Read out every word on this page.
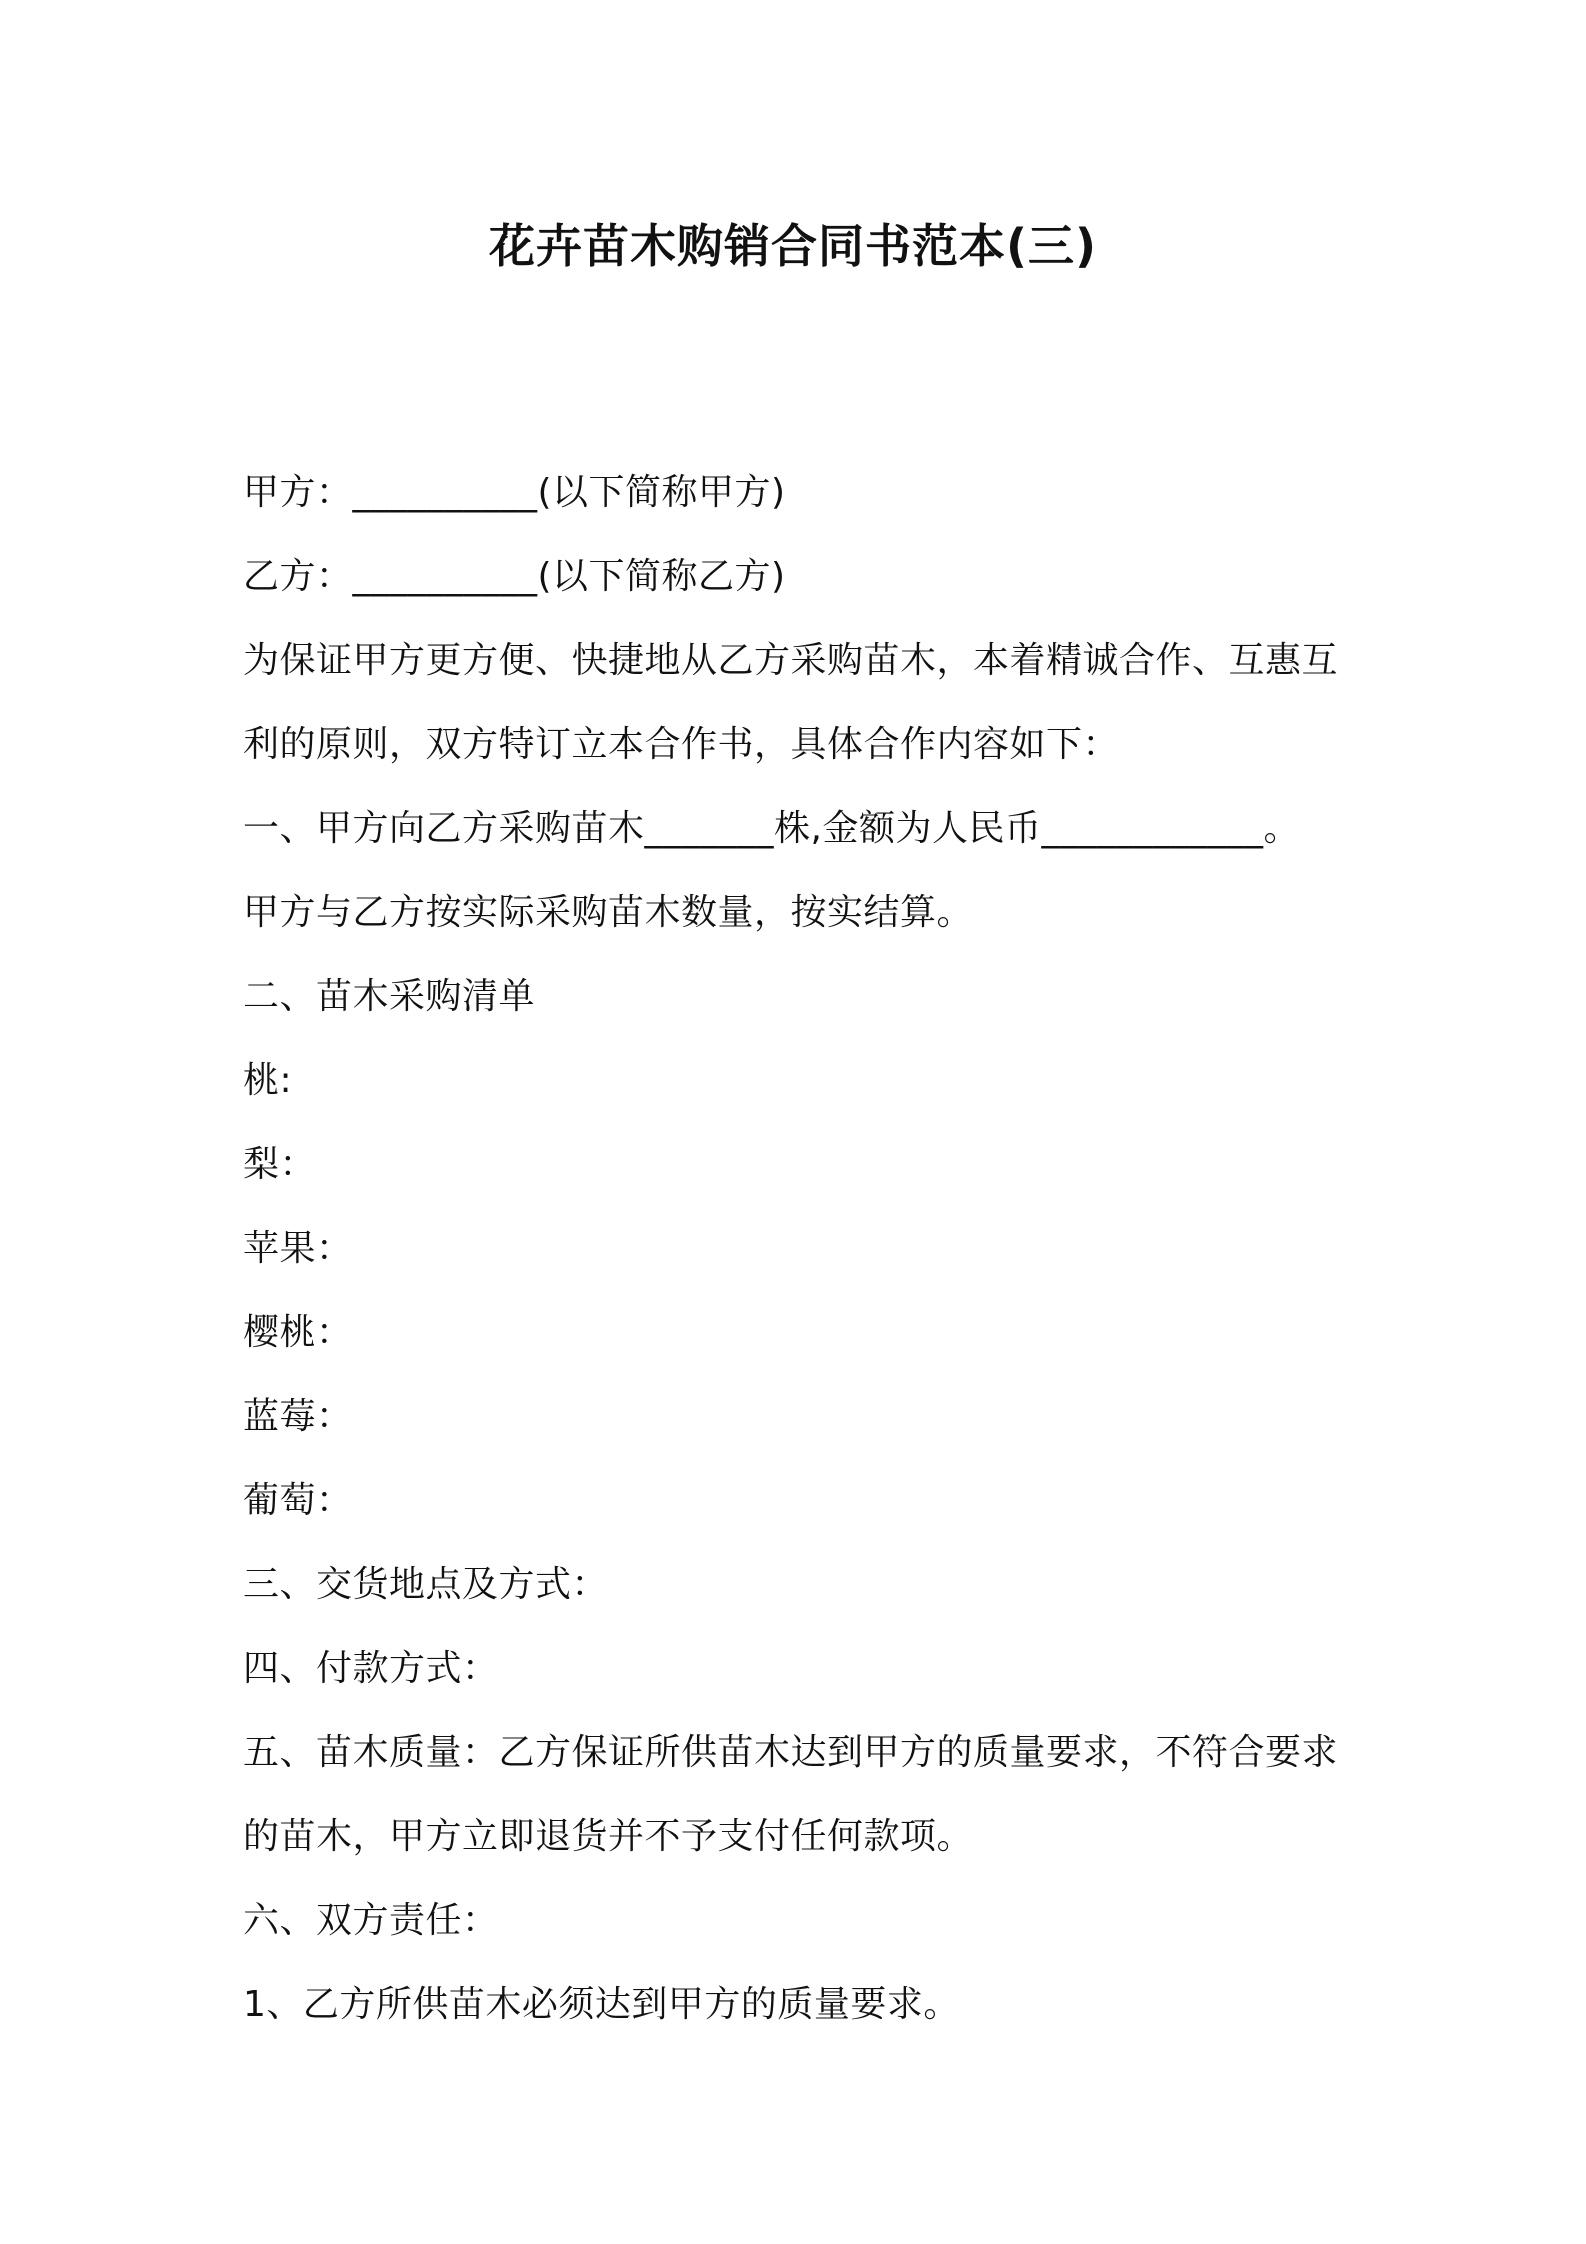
花卉苗木购销合同书范本(三)
甲方：__________(以下简称甲方)
乙方：__________(以下简称乙方)
为保证甲方更方便、快捷地从乙方采购苗木，本着精诚合作、互惠互
利的原则，双方特订立本合作书，具体合作内容如下：
一、甲方向乙方采购苗木_______株,金额为人民币____________。
甲方与乙方按实际采购苗木数量，按实结算。
二、苗木采购清单
桃:
梨：
苹果：
樱桃：
蓝莓：
葡萄：
三、交货地点及方式：
四、付款方式：
五、苗木质量：乙方保证所供苗木达到甲方的质量要求，不符合要求
的苗木，甲方立即退货并不予支付任何款项。
六、双方责任：
1、乙方所供苗木必须达到甲方的质量要求。
